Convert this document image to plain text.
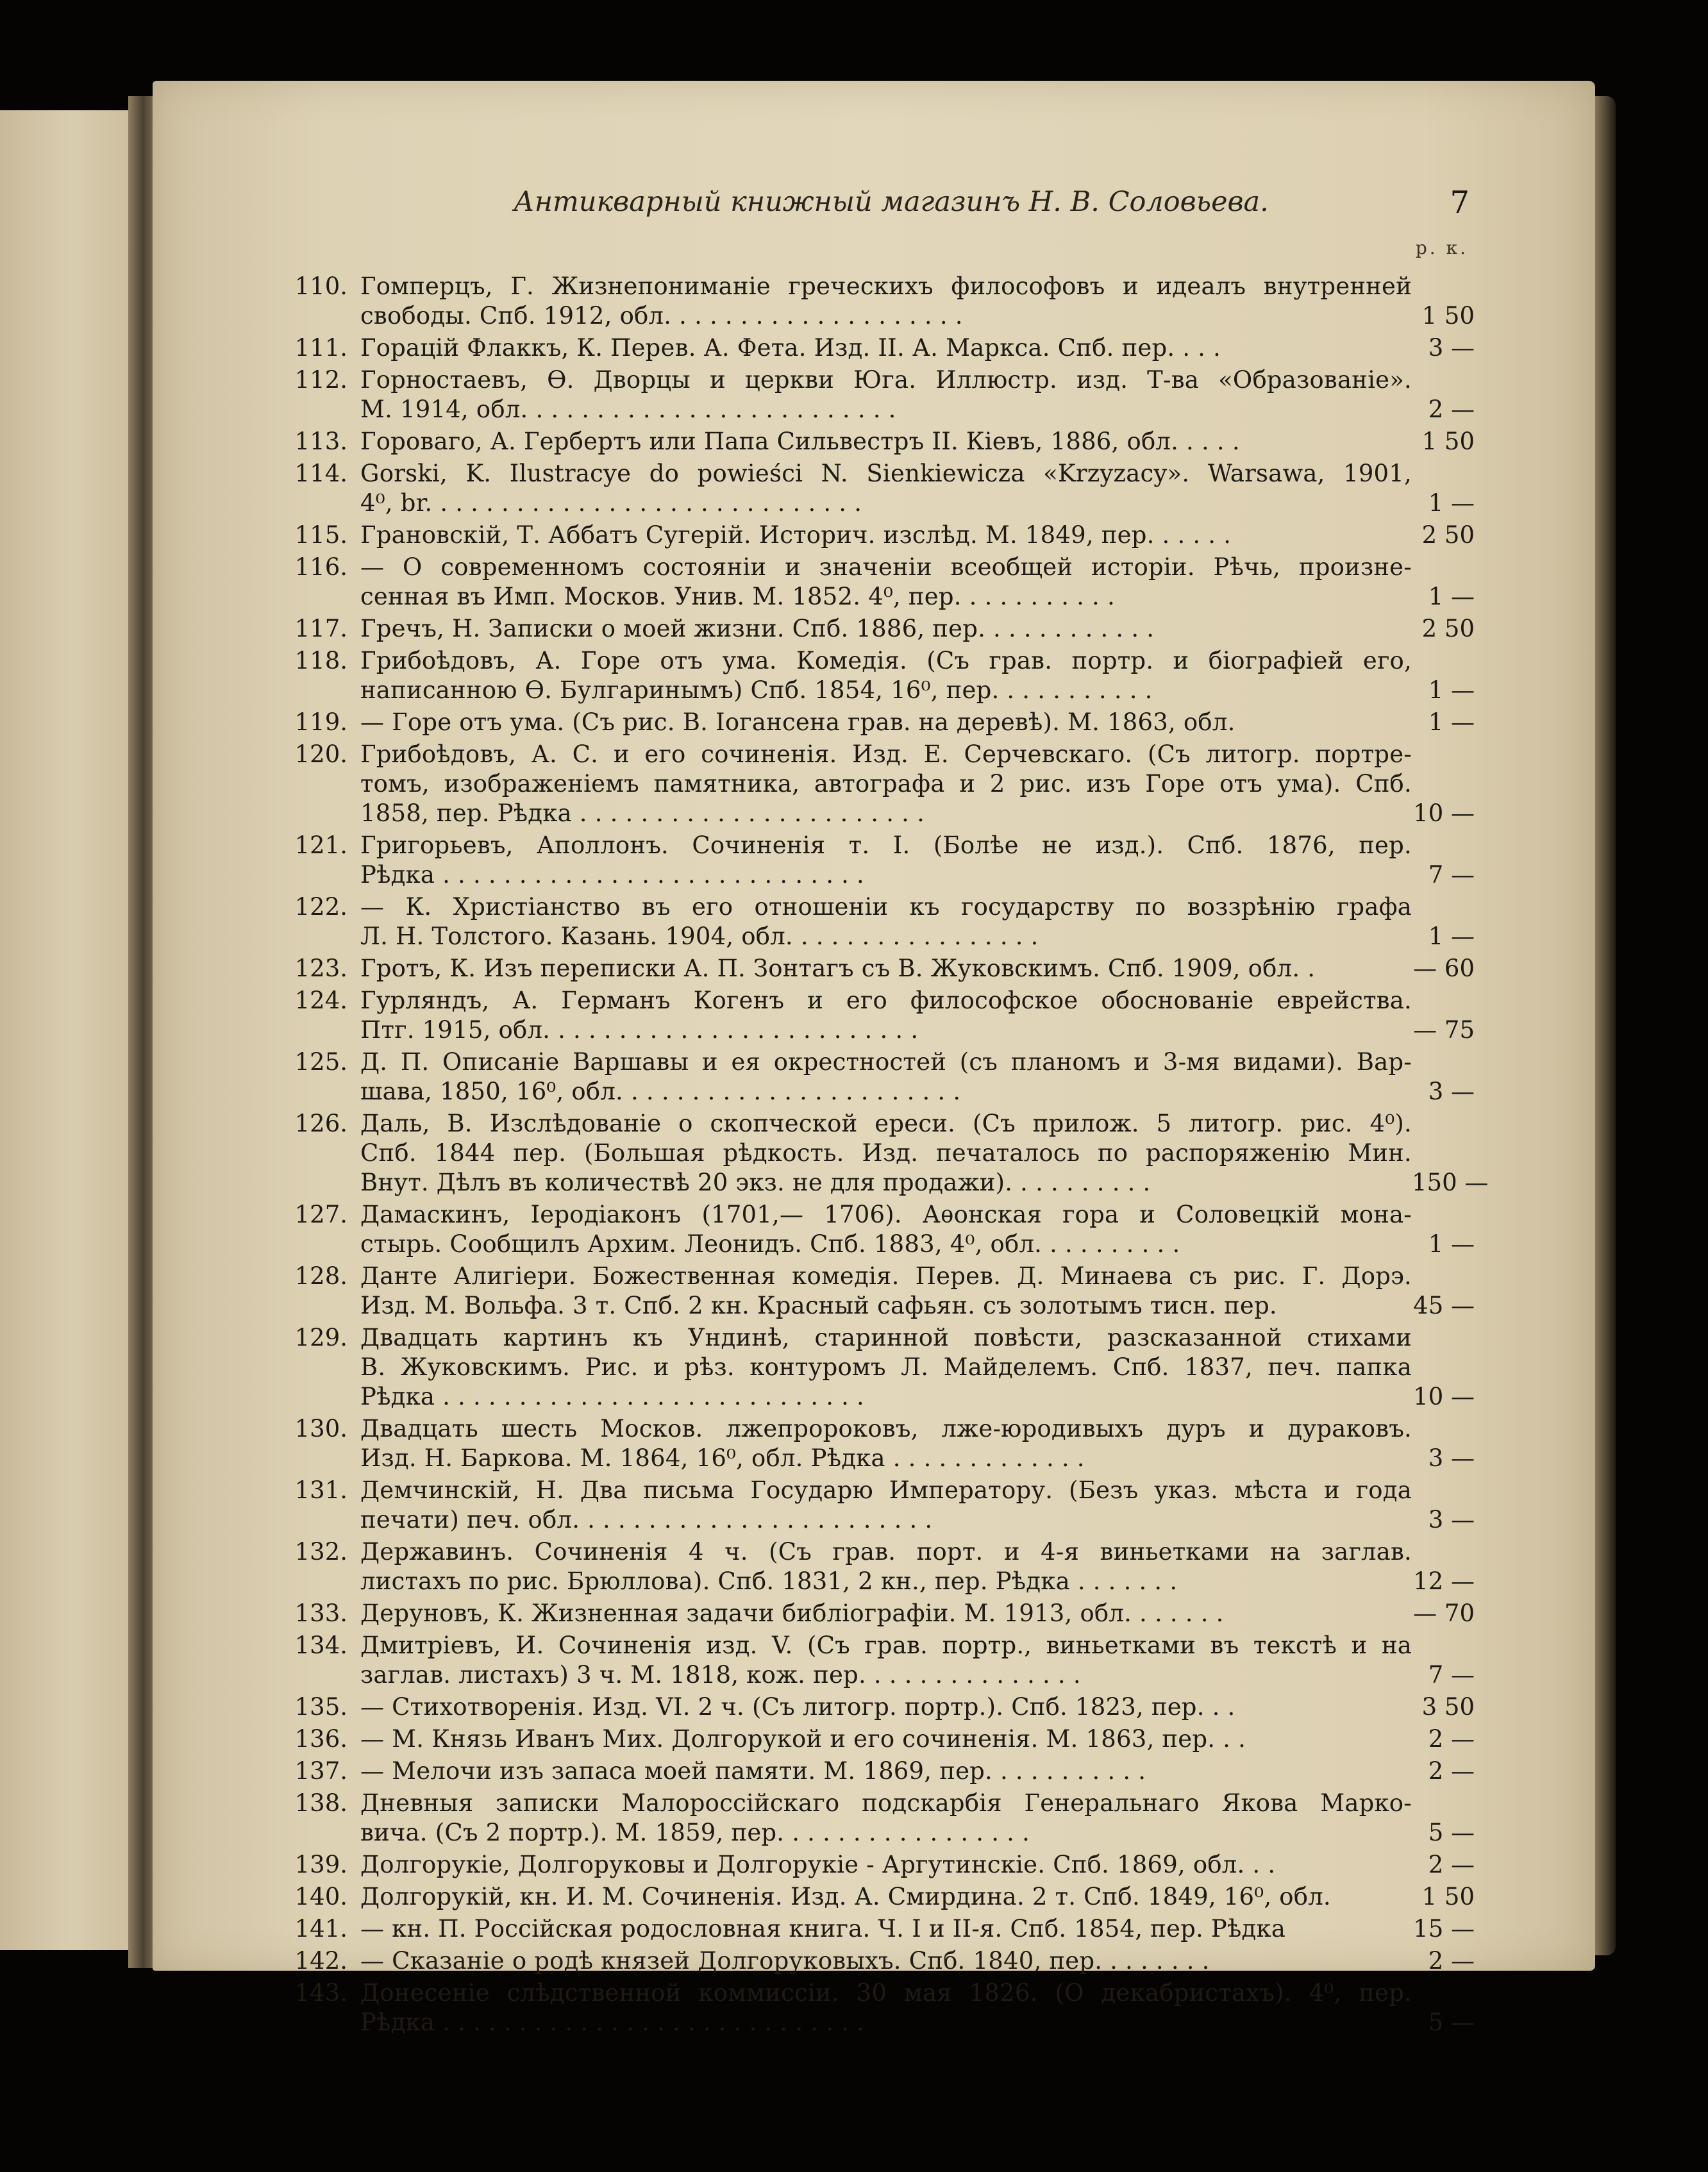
Антикварный книжный магазинъ Н. В. Соловьева.	7
р. к.
110. Гомперцъ, Г. Жизнепониманіе греческихъ философовъ и идеалъ внутренней
свободы. Спб. 1912, обл. . . . . . . . . . . . . . . . . . . .	1 50
111. Горацій Флаккъ, К. Перев. А. Фета. Изд. II. А. Маркса. Спб. пер. . . .	3 —
112. Горностаевъ, Ѳ. Дворцы и церкви Юга. Иллюстр. изд. Т-ва «Образованіе».
М. 1914, обл. . . . . . . . . . . . . . . . . . . . . . . . .	2 —
113. Гороваго, А. Гербертъ или Папа Сильвестръ II. Кіевъ, 1886, обл. . . . .	1 50
114. Gorski, K. Ilustracye do powieści N. Sienkiewicza «Krzyzacy». Warsawa, 1901,
4⁰, br. . . . . . . . . . . . . . . . . . . . . . . . . . . . .	1 —
115. Грановскій, Т. Аббатъ Сугерій. Историч. изслѣд. М. 1849, пер. . . . . .	2 50
116. — О современномъ состояніи и значеніи всеобщей исторіи. Рѣчь, произне-
сенная въ Имп. Москов. Унив. М. 1852. 4⁰, пер. . . . . . . . . . .	1 —
117. Гречъ, Н. Записки о моей жизни. Спб. 1886, пер. . . . . . . . . . . .	2 50
118. Грибоѣдовъ, А. Горе отъ ума. Комедія. (Съ грав. портр. и біографіей его,
написанною Ѳ. Булгаринымъ) Спб. 1854, 16⁰, пер. . . . . . . . . . .	1 —
119. — Горе отъ ума. (Съ рис. В. Іогансена грав. на деревѣ). М. 1863, обл.	1 —
120. Грибоѣдовъ, А. С. и его сочиненія. Изд. Е. Серчевскаго. (Съ литогр. портре-
томъ, изображеніемъ памятника, автографа и 2 рис. изъ Горе отъ ума). Спб.
1858, пер. Рѣдка . . . . . . . . . . . . . . . . . . . . . . .	10 —
121. Григорьевъ, Аполлонъ. Сочиненія т. I. (Болѣе не изд.). Спб. 1876, пер.
Рѣдка . . . . . . . . . . . . . . . . . . . . . . . . . . . .	7 —
122. — К. Христіанство въ его отношеніи къ государству по воззрѣнію графа
Л. Н. Толстого. Казань. 1904, обл. . . . . . . . . . . . . . . . .	1 —
123. Гротъ, К. Изъ переписки А. П. Зонтагъ съ В. Жуковскимъ. Спб. 1909, обл. .	— 60
124. Гурляндъ, А. Германъ Когенъ и его философское обоснованіе еврейства.
Птг. 1915, обл. . . . . . . . . . . . . . . . . . . . . . . . .	— 75
125. Д. П. Описаніе Варшавы и ея окрестностей (съ планомъ и 3-мя видами). Вар-
шава, 1850, 16⁰, обл. . . . . . . . . . . . . . . . . . . . . . .	3 —
126. Даль, В. Изслѣдованіе о скопческой ереси. (Съ прилож. 5 литогр. рис. 4⁰).
Спб. 1844 пер. (Большая рѣдкость. Изд. печаталось по распоряженію Мин.
Внут. Дѣлъ въ количествѣ 20 экз. не для продажи). . . . . . . . . .	150 —
127. Дамаскинъ, Іеродіаконъ (1701,— 1706). Аѳонская гора и Соловецкій мона-
стырь. Сообщилъ Архим. Леонидъ. Спб. 1883, 4⁰, обл. . . . . . . . . .	1 —
128. Данте Алигіери. Божественная комедія. Перев. Д. Минаева съ рис. Г. Дорэ.
Изд. М. Вольфа. 3 т. Спб. 2 кн. Красный сафьян. съ золотымъ тисн. пер.	45 —
129. Двадцать картинъ къ Ундинѣ, старинной повѣсти, разсказанной стихами
В. Жуковскимъ. Рис. и рѣз. контуромъ Л. Майделемъ. Спб. 1837, печ. папка
Рѣдка . . . . . . . . . . . . . . . . . . . . . . . . . . . .	10 —
130. Двадцать шесть Москов. лжепророковъ, лже-юродивыхъ дуръ и дураковъ.
Изд. Н. Баркова. М. 1864, 16⁰, обл. Рѣдка . . . . . . . . . . . . .	3 —
131. Демчинскій, Н. Два письма Государю Императору. (Безъ указ. мѣста и года
печати) печ. обл. . . . . . . . . . . . . . . . . . . . . . . .	3 —
132. Державинъ. Сочиненія 4 ч. (Съ грав. порт. и 4-я виньетками на заглав.
листахъ по рис. Брюллова). Спб. 1831, 2 кн., пер. Рѣдка . . . . . . .	12 —
133. Деруновъ, К. Жизненная задачи библіографіи. М. 1913, обл. . . . . . .	— 70
134. Дмитріевъ, И. Сочиненія изд. V. (Съ грав. портр., виньетками въ текстѣ и на
заглав. листахъ) 3 ч. М. 1818, кож. пер. . . . . . . . . . . . . . .	7 —
135. — Стихотворенія. Изд. VI. 2 ч. (Съ литогр. портр.). Спб. 1823, пер. . .	3 50
136. — М. Князь Иванъ Мих. Долгорукой и его сочиненія. М. 1863, пер. . .	2 —
137. — Мелочи изъ запаса моей памяти. М. 1869, пер. . . . . . . . . . .	2 —
138. Дневныя записки Малороссійскаго подскарбія Генеральнаго Якова Марко-
вича. (Съ 2 портр.). М. 1859, пер. . . . . . . . . . . . . . . . .	5 —
139. Долгорукіе, Долгоруковы и Долгорукіе - Аргутинскіе. Спб. 1869, обл. . .	2 —
140. Долгорукій, кн. И. М. Сочиненія. Изд. А. Смирдина. 2 т. Спб. 1849, 16⁰, обл.	1 50
141. — кн. П. Россійская родословная книга. Ч. I и II-я. Спб. 1854, пер. Рѣдка	15 —
142. — Сказаніе о родѣ князей Долгоруковыхъ. Спб. 1840, пер. . . . . . . .	2 —
143. Донесеніе слѣдственной коммиссіи. 30 мая 1826. (О декабристахъ). 4⁰, пер.
Рѣдка . . . . . . . . . . . . . . . . . . . . . . . . . . . .	5 —
